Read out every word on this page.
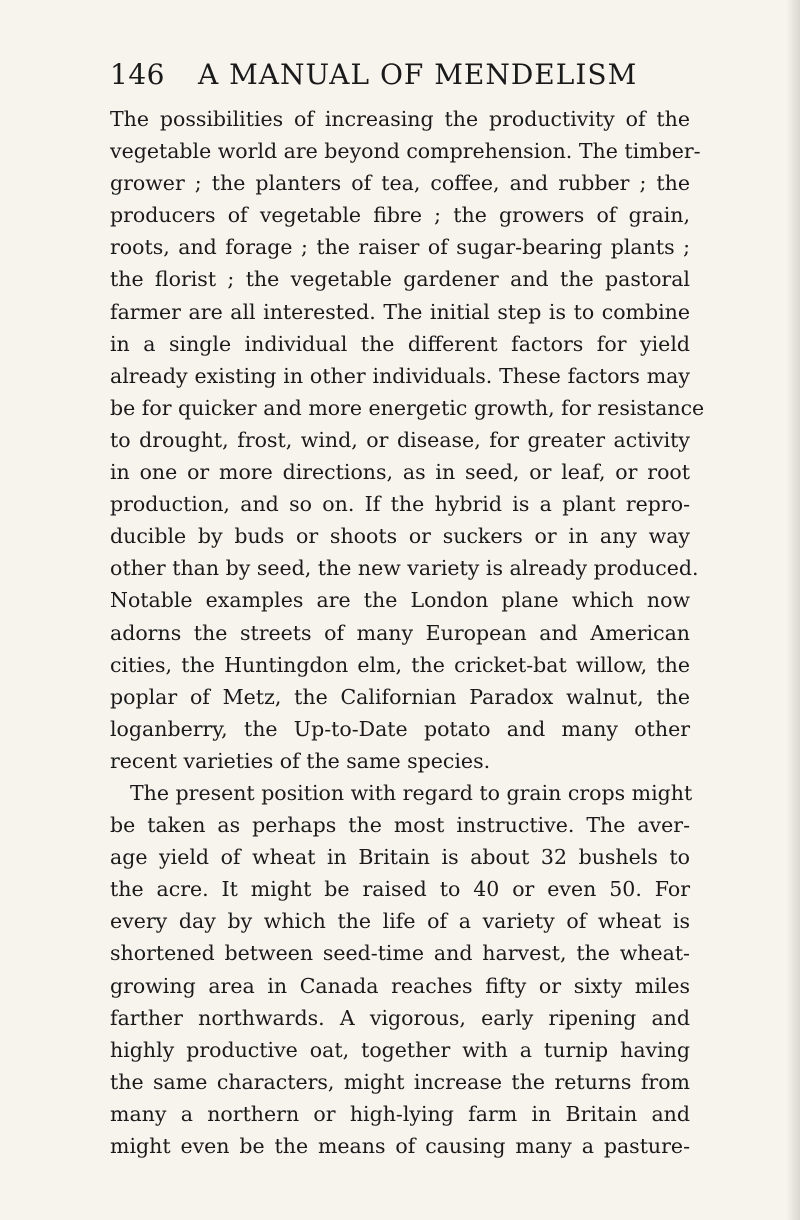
146	A MANUAL OF MENDELISM
The possibilities of increasing the productivity of the
vegetable world are beyond comprehension. The timber-
grower ; the planters of tea, coffee, and rubber ; the
producers of vegetable fibre ; the growers of grain,
roots, and forage ; the raiser of sugar-bearing plants ;
the florist ; the vegetable gardener and the pastoral
farmer are all interested. The initial step is to combine
in a single individual the different factors for yield
already existing in other individuals. These factors may
be for quicker and more energetic growth, for resistance
to drought, frost, wind, or disease, for greater activity
in one or more directions, as in seed, or leaf, or root
production, and so on. If the hybrid is a plant repro-
ducible by buds or shoots or suckers or in any way
other than by seed, the new variety is already produced.
Notable examples are the London plane which now
adorns the streets of many European and American
cities, the Huntingdon elm, the cricket-bat willow, the
poplar of Metz, the Californian Paradox walnut, the
loganberry, the Up-to-Date potato and many other
recent varieties of the same species.
The present position with regard to grain crops might
be taken as perhaps the most instructive. The aver-
age yield of wheat in Britain is about 32 bushels to
the acre. It might be raised to 40 or even 50. For
every day by which the life of a variety of wheat is
shortened between seed-time and harvest, the wheat-
growing area in Canada reaches fifty or sixty miles
farther northwards. A vigorous, early ripening and
highly productive oat, together with a turnip having
the same characters, might increase the returns from
many a northern or high-lying farm in Britain and
might even be the means of causing many a pasture-
